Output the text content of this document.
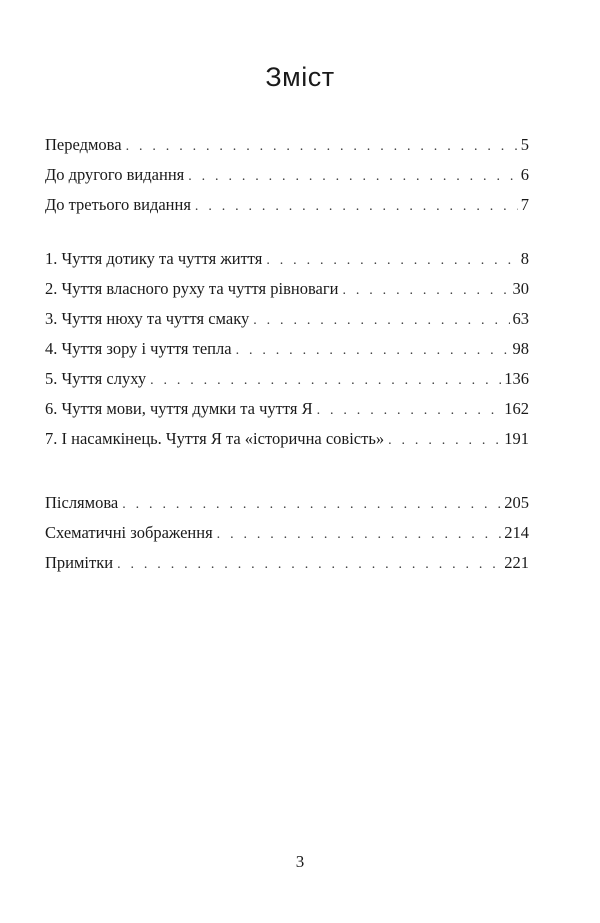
Зміст
Передмова . . .	5
До другого видання . . .	6
До третього видання . . .	7
1. Чуття дотику та чуття життя . . .	8
2. Чуття власного руху та чуття рівноваги . . .	30
3. Чуття нюху та чуття смаку . . .	63
4. Чуття зору і чуття тепла . . .	98
5. Чуття слуху . . .	136
6. Чуття мови, чуття думки та чуття Я . . .	162
7. І насамкінець. Чуття Я та «історична совість» . . .	191
Післямова . . .	205
Схематичні зображення . . .	214
Примітки . . .	221
3
